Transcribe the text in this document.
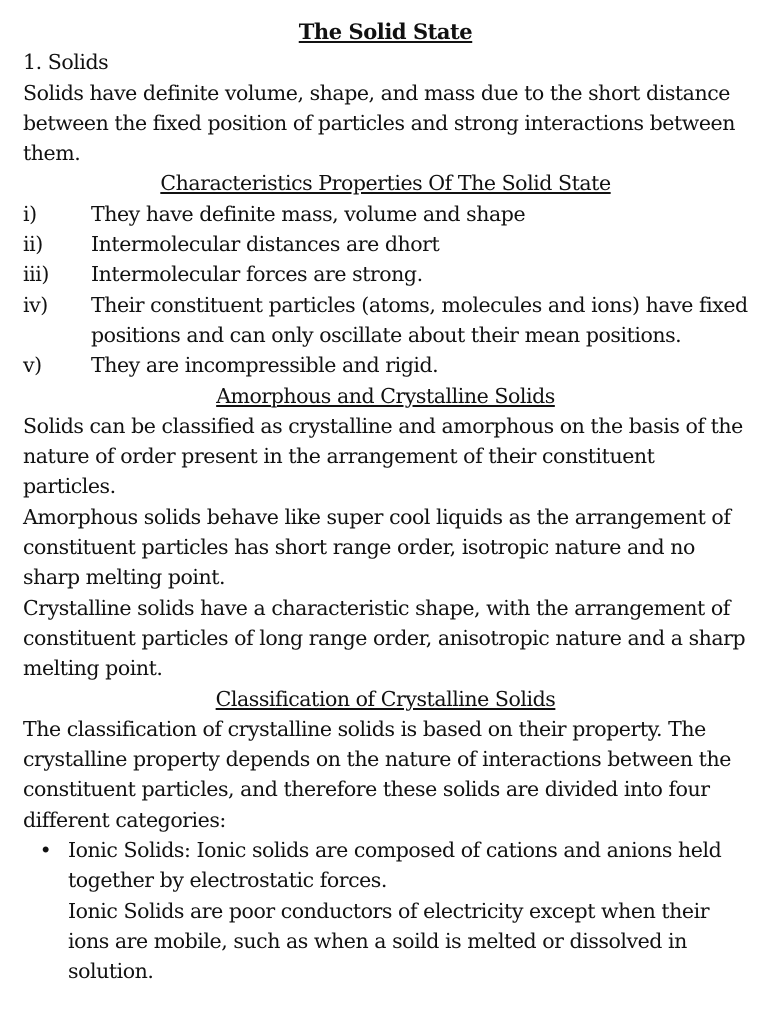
The Solid State

1. Solids

Solids have definite volume, shape, and mass due to the short distance between the fixed position of particles and strong interactions between them.

Characteristics Properties Of The Solid State

i)	They have definite mass, volume and shape
ii)	Intermolecular distances are dhort
iii)	Intermolecular forces are strong.
iv)	Their constituent particles (atoms, molecules and ions) have fixed positions and can only oscillate about their mean positions.
v)	They are incompressible and rigid.

Amorphous and Crystalline Solids

Solids can be classified as crystalline and amorphous on the basis of the nature of order present in the arrangement of their constituent particles.

Amorphous solids behave like super cool liquids as the arrangement of constituent particles has short range order, isotropic nature and no sharp melting point.

Crystalline solids have a characteristic shape, with the arrangement of constituent particles of long range order, anisotropic nature and a sharp melting point.

Classification of Crystalline Solids

The classification of crystalline solids is based on their property. The crystalline property depends on the nature of interactions between the constituent particles, and therefore these solids are divided into four different categories:

• Ionic Solids: Ionic solids are composed of cations and anions held together by electrostatic forces.
Ionic Solids are poor conductors of electricity except when their ions are mobile, such as when a soild is melted or dissolved in solution.
